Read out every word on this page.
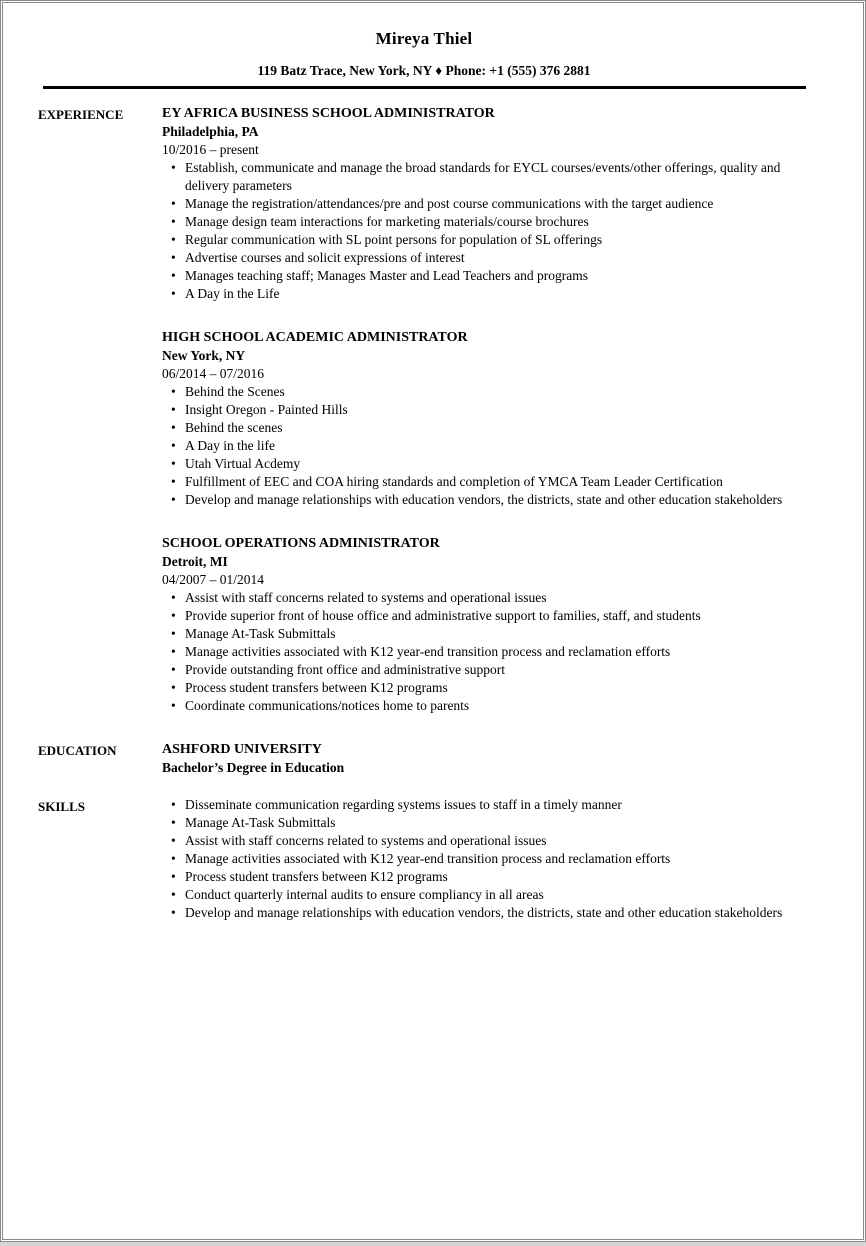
Mireya Thiel
119 Batz Trace, New York, NY ♦ Phone: +1 (555) 376 2881
EXPERIENCE	EY AFRICA BUSINESS SCHOOL ADMINISTRATOR
Philadelphia, PA
10/2016 – present
• Establish, communicate and manage the broad standards for EYCL courses/events/other offerings, quality and delivery parameters
• Manage the registration/attendances/pre and post course communications with the target audience
• Manage design team interactions for marketing materials/course brochures
• Regular communication with SL point persons for population of SL offerings
• Advertise courses and solicit expressions of interest
• Manages teaching staff; Manages Master and Lead Teachers and programs
• A Day in the Life
HIGH SCHOOL ACADEMIC ADMINISTRATOR
New York, NY
06/2014 – 07/2016
• Behind the Scenes
• Insight Oregon - Painted Hills
• Behind the scenes
• A Day in the life
• Utah Virtual Acdemy
• Fulfillment of EEC and COA hiring standards and completion of YMCA Team Leader Certification
• Develop and manage relationships with education vendors, the districts, state and other education stakeholders
SCHOOL OPERATIONS ADMINISTRATOR
Detroit, MI
04/2007 – 01/2014
• Assist with staff concerns related to systems and operational issues
• Provide superior front of house office and administrative support to families, staff, and students
• Manage At-Task Submittals
• Manage activities associated with K12 year-end transition process and reclamation efforts
• Provide outstanding front office and administrative support
• Process student transfers between K12 programs
• Coordinate communications/notices home to parents
EDUCATION	ASHFORD UNIVERSITY
Bachelor’s Degree in Education
SKILLS	• Disseminate communication regarding systems issues to staff in a timely manner
• Manage At-Task Submittals
• Assist with staff concerns related to systems and operational issues
• Manage activities associated with K12 year-end transition process and reclamation efforts
• Process student transfers between K12 programs
• Conduct quarterly internal audits to ensure compliancy in all areas
• Develop and manage relationships with education vendors, the districts, state and other education stakeholders
